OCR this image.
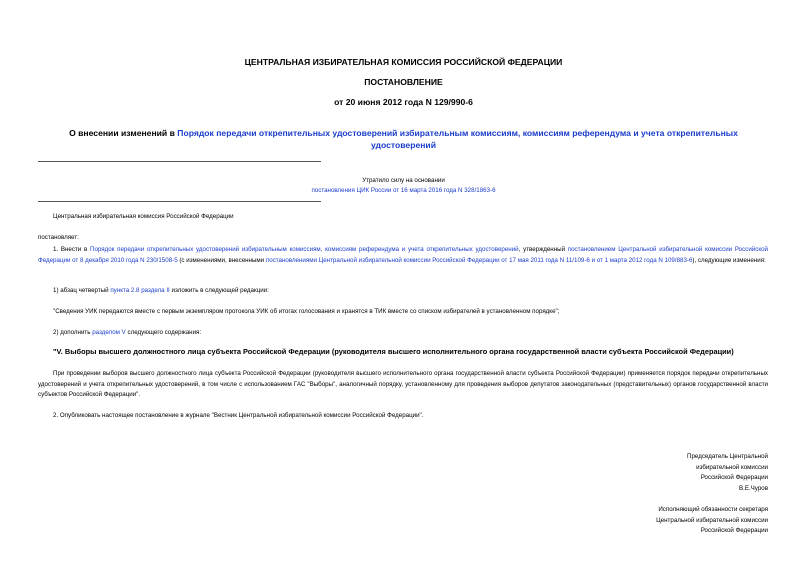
ЦЕНТРАЛЬНАЯ ИЗБИРАТЕЛЬНАЯ КОМИССИЯ РОССИЙСКОЙ ФЕДЕРАЦИИ
ПОСТАНОВЛЕНИЕ
от 20 июня 2012 года N 129/990-6
О внесении изменений в Порядок передачи открепительных удостоверений избирательным комиссиям, комиссиям референдума и учета открепительных удостоверений
Утратило силу на основании
постановления ЦИК России от 16 марта 2016 года N 328/1863-6
Центральная избирательная комиссия Российской Федерации
постановляет:
1. Внести в Порядок передачи открепительных удостоверений избирательным комиссиям, комиссиям референдума и учета открепительных удостоверений, утвержденный постановлением Центральной избирательной комиссии Российской Федерации от 8 декабря 2010 года N 230/1508-5 (с изменениями, внесенными постановлениями Центральной избирательной комиссии Российской Федерации от 17 мая 2011 года N 11/109-6 и от 1 марта 2012 года N 109/883-6), следующие изменения:
1) абзац четвертый пункта 2.8 раздела II изложить в следующей редакции:
"Сведения УИК передаются вместе с первым экземпляром протокола УИК об итогах голосования и хранятся в ТИК вместе со списком избирателей в установленном порядке";
2) дополнить разделом V следующего содержания:
"V. Выборы высшего должностного лица субъекта Российской Федерации (руководителя высшего исполнительного органа государственной власти субъекта Российской Федерации)
При проведении выборов высшего должностного лица субъекта Российской Федерации (руководителя высшего исполнительного органа государственной власти субъекта Российской Федерации) применяется порядок передачи открепительных удостоверений и учета открепительных удостоверений, в том числе с использованием ГАС "Выборы", аналогичный порядку, установленному для проведения выборов депутатов законодательных (представительных) органов государственной власти субъектов Российской Федерации".
2. Опубликовать настоящее постановление в журнале "Вестник Центральной избирательной комиссии Российской Федерации".
Председатель Центральной
избирательной комиссии
Российской Федерации
В.Е.Чуров
Исполняющий обязанности секретаря
Центральной избирательной комиссии
Российской Федерации
